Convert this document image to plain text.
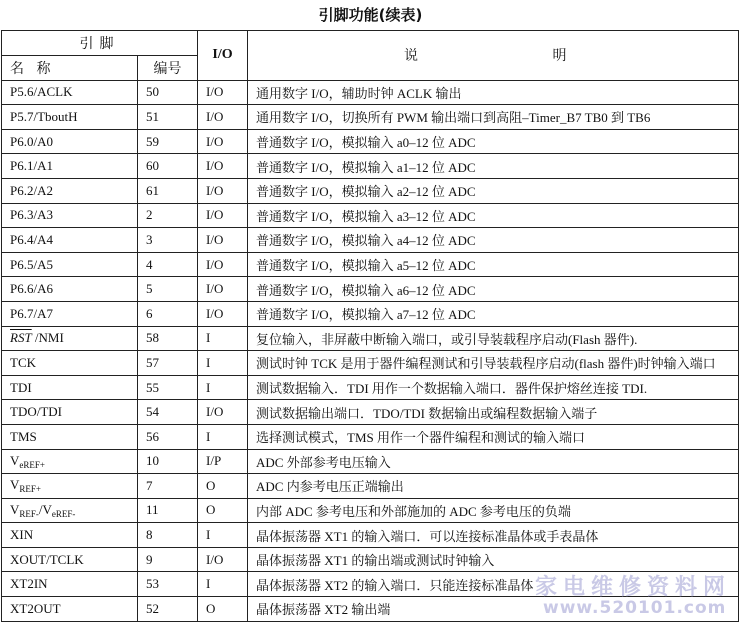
引脚功能(续表)
引脚		I/O	说 明
名 称	编号		
P5.6/ACLK	50	I/O	通用数字 I/O，辅助时钟 ACLK 输出
P5.7/TboutH	51	I/O	通用数字 I/O，切换所有 PWM 输出端口到高阻–Timer_B7 TB0 到 TB6
P6.0/A0	59	I/O	普通数字 I/O，模拟输入 a0–12 位 ADC
P6.1/A1	60	I/O	普通数字 I/O，模拟输入 a1–12 位 ADC
P6.2/A2	61	I/O	普通数字 I/O，模拟输入 a2–12 位 ADC
P6.3/A3	2	I/O	普通数字 I/O，模拟输入 a3–12 位 ADC
P6.4/A4	3	I/O	普通数字 I/O，模拟输入 a4–12 位 ADC
P6.5/A5	4	I/O	普通数字 I/O，模拟输入 a5–12 位 ADC
P6.6/A6	5	I/O	普通数字 I/O，模拟输入 a6–12 位 ADC
P6.7/A7	6	I/O	普通数字 I/O，模拟输入 a7–12 位 ADC
$\overline{RST}$ /NMI	58	I	复位输入，非屏蔽中断输入端口，或引导装载程序启动(Flash 器件).
TCK	57	I	测试时钟 TCK 是用于器件编程测试和引导装载程序启动(flash 器件)时钟输入端口
TDI	55	I	测试数据输入．TDI 用作一个数据输入端口．器件保护熔丝连接 TDI.
TDO/TDI	54	I/O	测试数据输出端口．TDO/TDI 数据输出或编程数据输入端子
TMS	56	I	选择测试模式，TMS 用作一个器件编程和测试的输入端口
$V_{eREF+}$	10	I/P	ADC 外部参考电压输入
$V_{REF+}$	7	O	ADC 内参考电压正端输出
$V_{REF-}/V_{eREF-}$	11	O	内部 ADC 参考电压和外部施加的 ADC 参考电压的负端
XIN	8	I	晶体振荡器 XT1 的输入端口．可以连接标准晶体或手表晶体
XOUT/TCLK	9	I/O	晶体振荡器 XT1 的输出端或测试时钟输入
XT2IN	53	I	晶体振荡器 XT2 的输入端口．只能连接标准晶体
XT2OUT	52	O	晶体振荡器 XT2 输出端
家电维修资料网
www.520101.com
